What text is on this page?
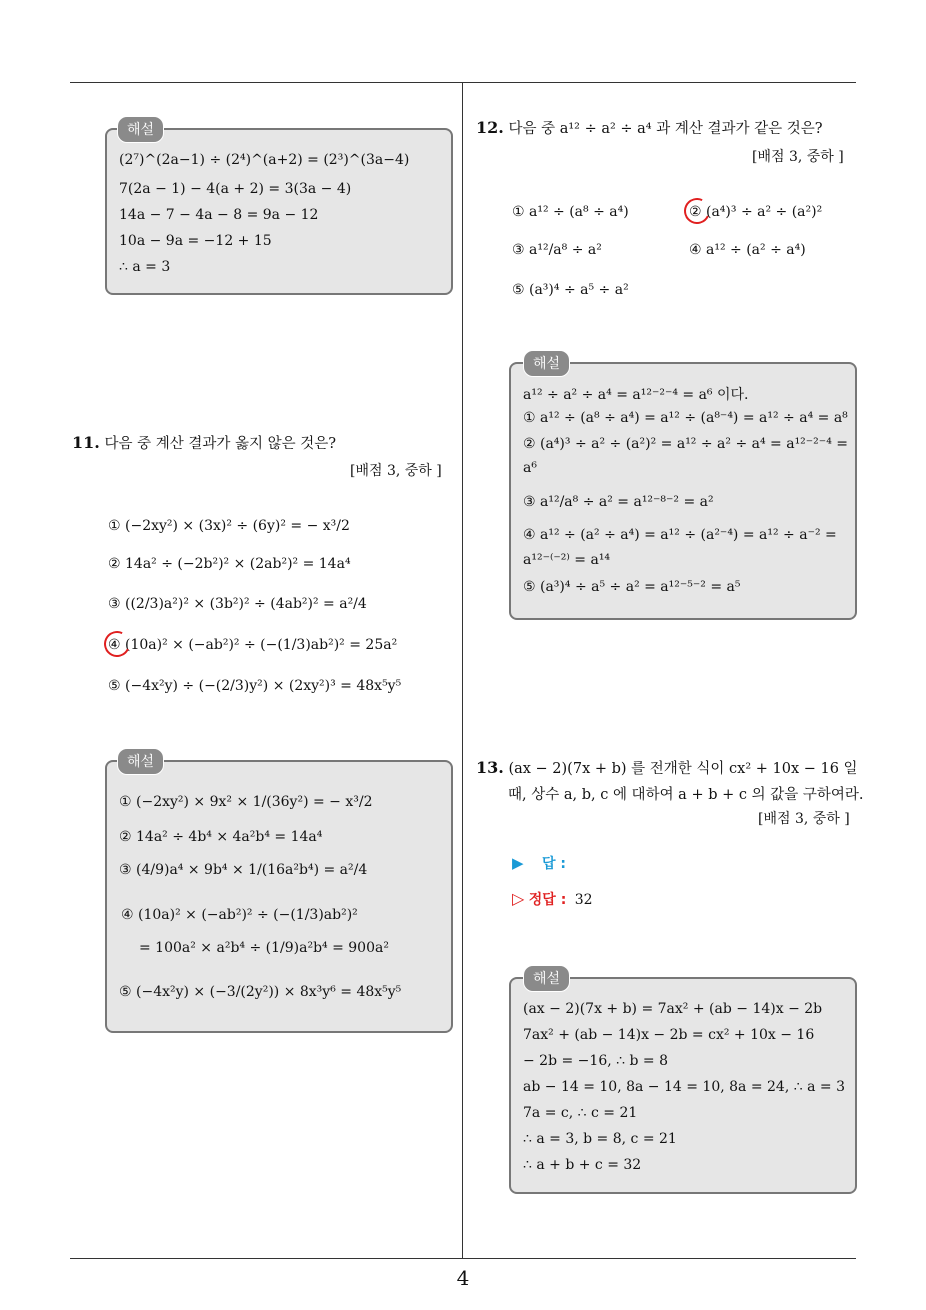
4
(2⁷)^(2a−1) ÷ (2⁴)^(a+2) = (2³)^(3a−4)
7(2a − 1) − 4(a + 2) = 3(3a − 4)
14a − 7 − 4a − 8 = 9a − 12
10a − 9a = −12 + 15
∴ a = 3
해설
11. 다음 중 계산 결과가 옳지 않은 것은?
[배점 3, 중하 ]
① (−2xy²) × (3x)² ÷ (6y)² = − x³/2
② 14a² ÷ (−2b²)² × (2ab²)² = 14a⁴
③ ((2/3)a²)² × (3b²)² ÷ (4ab²)² = a²/4
④ (10a)² × (−ab²)² ÷ (−(1/3)ab²)² = 25a²
⑤ (−4x²y) ÷ (−(2/3)y²) × (2xy²)³ = 48x⁵y⁵
① (−2xy²) × 9x² × 1/(36y²) = − x³/2
② 14a² ÷ 4b⁴ × 4a²b⁴ = 14a⁴
③ (4/9)a⁴ × 9b⁴ × 1/(16a²b⁴) = a²/4
④ (10a)² × (−ab²)² ÷ (−(1/3)ab²)²
= 100a² × a²b⁴ ÷ (1/9)a²b⁴ = 900a²
⑤ (−4x²y) × (−3/(2y²)) × 8x³y⁶ = 48x⁵y⁵
해설
12. 다음 중 a¹² ÷ a² ÷ a⁴ 과 계산 결과가 같은 것은?
[배점 3, 중하 ]
① a¹² ÷ (a⁸ ÷ a⁴)	② (a⁴)³ ÷ a² ÷ (a²)²
③ a¹²/a⁸ ÷ a²	④ a¹² ÷ (a² ÷ a⁴)
⑤ (a³)⁴ ÷ a⁵ ÷ a²
a¹² ÷ a² ÷ a⁴ = a¹²⁻²⁻⁴ = a⁶ 이다.
① a¹² ÷ (a⁸ ÷ a⁴) = a¹² ÷ (a⁸⁻⁴) = a¹² ÷ a⁴ = a⁸
② (a⁴)³ ÷ a² ÷ (a²)² = a¹² ÷ a² ÷ a⁴ = a¹²⁻²⁻⁴ =
a⁶
③ a¹²/a⁸ ÷ a² = a¹²⁻⁸⁻² = a²
④ a¹² ÷ (a² ÷ a⁴) = a¹² ÷ (a²⁻⁴) = a¹² ÷ a⁻² =
a¹²⁻⁽⁻²⁾ = a¹⁴
⑤ (a³)⁴ ÷ a⁵ ÷ a² = a¹²⁻⁵⁻² = a⁵
해설
13. (ax − 2)(7x + b) 를 전개한 식이 cx² + 10x − 16 일
때, 상수 a, b, c 에 대하여 a + b + c 의 값을 구하여라.
[배점 3, 중하 ]
▶ 답 :
▷ 정답 : 32
(ax − 2)(7x + b) = 7ax² + (ab − 14)x − 2b
7ax² + (ab − 14)x − 2b = cx² + 10x − 16
− 2b = −16, ∴ b = 8
ab − 14 = 10, 8a − 14 = 10, 8a = 24, ∴ a = 3
7a = c, ∴ c = 21
∴ a = 3, b = 8, c = 21
∴ a + b + c = 32
해설
